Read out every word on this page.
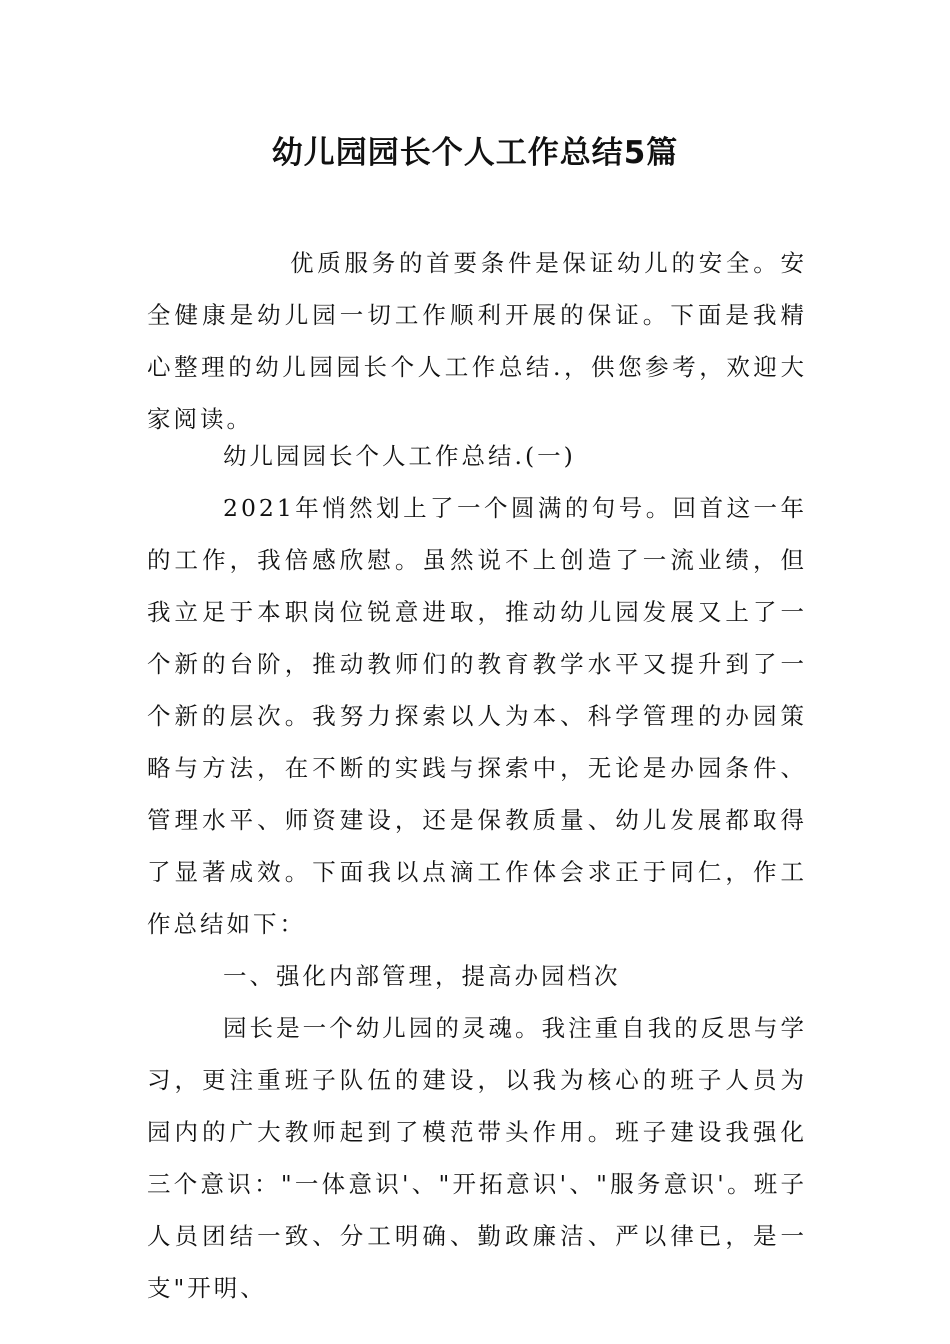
幼儿园园长个人工作总结5篇

优质服务的首要条件是保证幼儿的安全。安全健康是幼儿园一切工作顺利开展的保证。下面是我精心整理的幼儿园园长个人工作总结.，供您参考，欢迎大家阅读。

幼儿园园长个人工作总结.(一)

2021年悄然划上了一个圆满的句号。回首这一年的工作，我倍感欣慰。虽然说不上创造了一流业绩，但我立足于本职岗位锐意进取，推动幼儿园发展又上了一个新的台阶，推动教师们的教育教学水平又提升到了一个新的层次。我努力探索以人为本、科学管理的办园策略与方法，在不断的实践与探索中，无论是办园条件、管理水平、师资建设，还是保教质量、幼儿发展都取得了显著成效。下面我以点滴工作体会求正于同仁，作工作总结如下：

一、强化内部管理，提高办园档次

园长是一个幼儿园的灵魂。我注重自我的反思与学习，更注重班子队伍的建设，以我为核心的班子人员为园内的广大教师起到了模范带头作用。班子建设我强化三个意识："一体意识'、"开拓意识'、"服务意识'。班子人员团结一致、分工明确、勤政廉洁、严以律已，是一支"开明、
